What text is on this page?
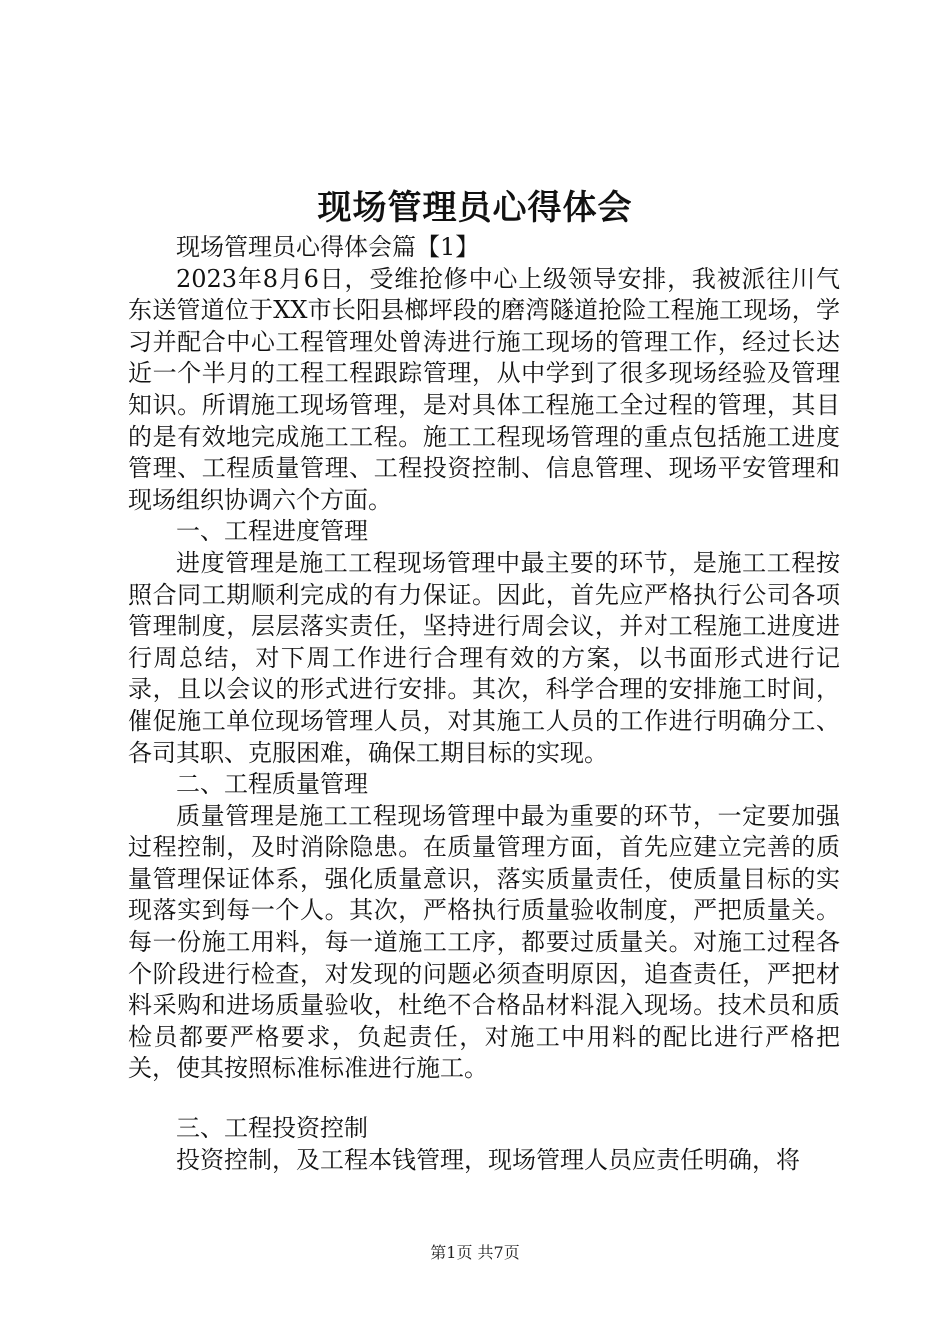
现场管理员心得体会

现场管理员心得体会篇【1】

2023年8月6日，受维抢修中心上级领导安排，我被派往川气东送管道位于XX市长阳县榔坪段的磨湾隧道抢险工程施工现场，学习并配合中心工程管理处曾涛进行施工现场的管理工作，经过长达近一个半月的工程工程跟踪管理，从中学到了很多现场经验及管理知识。所谓施工现场管理，是对具体工程施工全过程的管理，其目的是有效地完成施工工程。施工工程现场管理的重点包括施工进度管理、工程质量管理、工程投资控制、信息管理、现场平安管理和现场组织协调六个方面。

一、工程进度管理

进度管理是施工工程现场管理中最主要的环节，是施工工程按照合同工期顺利完成的有力保证。因此，首先应严格执行公司各项管理制度，层层落实责任，坚持进行周会议，并对工程施工进度进行周总结，对下周工作进行合理有效的方案，以书面形式进行记录，且以会议的形式进行安排。其次，科学合理的安排施工时间，催促施工单位现场管理人员，对其施工人员的工作进行明确分工、各司其职、克服困难，确保工期目标的实现。

二、工程质量管理

质量管理是施工工程现场管理中最为重要的环节，一定要加强过程控制，及时消除隐患。在质量管理方面，首先应建立完善的质量管理保证体系，强化质量意识，落实质量责任，使质量目标的实现落实到每一个人。其次，严格执行质量验收制度，严把质量关。每一份施工用料，每一道施工工序，都要过质量关。对施工过程各个阶段进行检查，对发现的问题必须查明原因，追查责任，严把材料采购和进场质量验收，杜绝不合格品材料混入现场。技术员和质检员都要严格要求，负起责任，对施工中用料的配比进行严格把关，使其按照标准标准进行施工。

三、工程投资控制

投资控制，及工程本钱管理，现场管理人员应责任明确，将

第1页 共7页
